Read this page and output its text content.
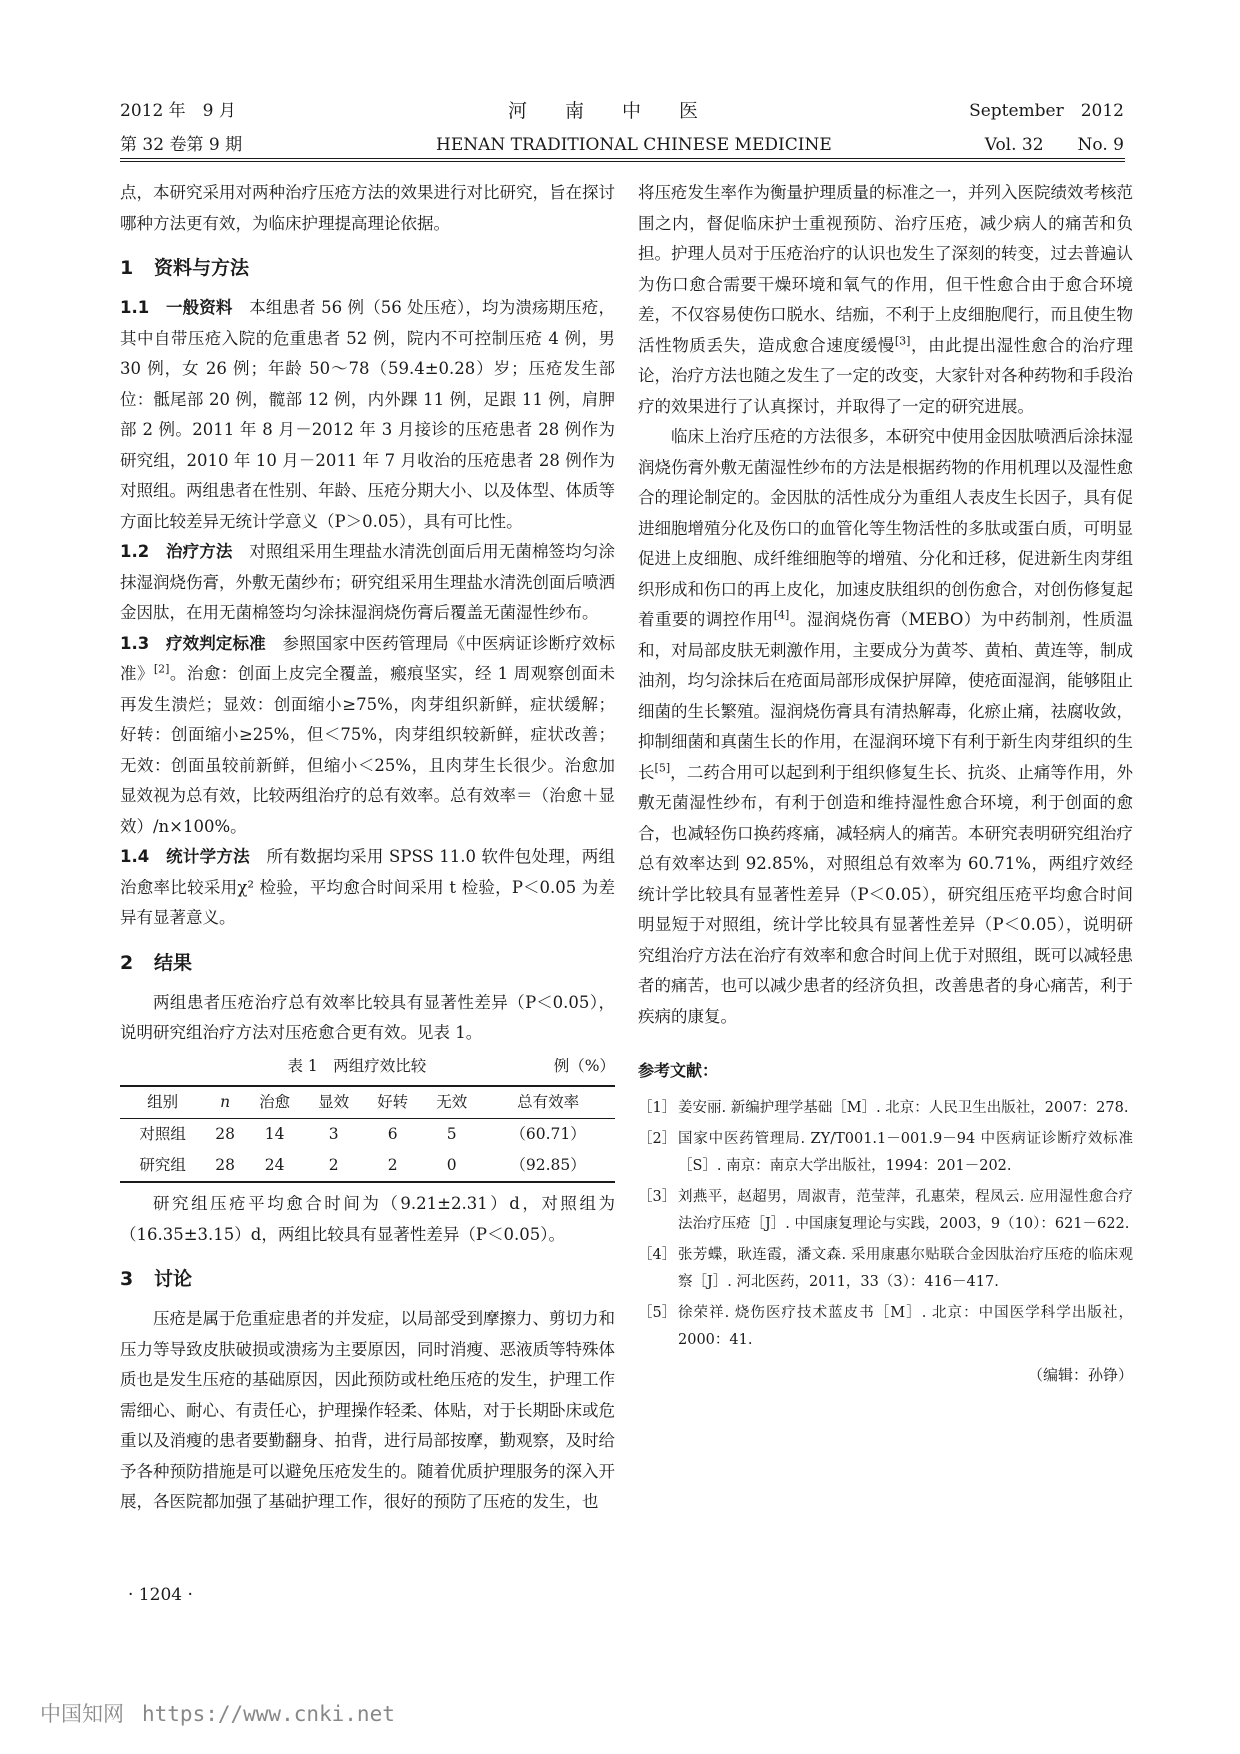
2012 年　9 月
第 32 卷第 9 期
河　　南　　中　　医
HENAN TRADITIONAL CHINESE MEDICINE
September　2012
Vol. 32　　No. 9

点，本研究采用对两种治疗压疮方法的效果进行对比研究，旨在探讨哪种方法更有效，为临床护理提高理论依据。

1 资料与方法

1.1　一般资料　 本组患者 56 例（56 处压疮），均为溃疡期压疮，其中自带压疮入院的危重患者 52 例，院内不可控制压疮 4 例，男 30 例，女 26 例；年龄 50～78（59.4±0.28）岁；压疮发生部位：骶尾部 20 例，髋部 12 例，内外踝 11 例，足跟 11 例，肩胛部 2 例。2011 年 8 月－2012 年 3 月接诊的压疮患者 28 例作为研究组，2010 年 10 月－2011 年 7 月收治的压疮患者 28 例作为对照组。两组患者在性别、年龄、压疮分期大小、以及体型、体质等方面比较差异无统计学意义（P＞0.05），具有可比性。

1.2　治疗方法　 对照组采用生理盐水清洗创面后用无菌棉签均匀涂抹湿润烧伤膏，外敷无菌纱布；研究组采用生理盐水清洗创面后喷洒金因肽，在用无菌棉签均匀涂抹湿润烧伤膏后覆盖无菌湿性纱布。

1.3　疗效判定标准　 参照国家中医药管理局《中医病证诊断疗效标准》[2]。治愈：创面上皮完全覆盖，瘢痕坚实，经 1 周观察创面未再发生溃烂；显效：创面缩小≥75%，肉芽组织新鲜，症状缓解；好转：创面缩小≥25%，但＜75%，肉芽组织较新鲜，症状改善；无效：创面虽较前新鲜，但缩小＜25%，且肉芽生长很少。治愈加显效视为总有效，比较两组治疗的总有效率。总有效率＝（治愈＋显效）/n×100%。

1.4　统计学方法　 所有数据均采用 SPSS 11.0 软件包处理，两组治愈率比较采用χ² 检验，平均愈合时间采用 t 检验，P＜0.05 为差异有显著意义。

2 结果

两组患者压疮治疗总有效率比较具有显著性差异（P＜0.05），说明研究组治疗方法对压疮愈合更有效。见表 1。

表 1　两组疗效比较	例（%）
组别	n	治愈	显效	好转	无效	总有效率
对照组	28	14	3	6	5	（60.71）
研究组	28	24	2	2	0	（92.85）

研究组压疮平均愈合时间为（9.21±2.31）d，对照组为（16.35±3.15）d，两组比较具有显著性差异（P＜0.05）。

3 讨论

压疮是属于危重症患者的并发症，以局部受到摩擦力、剪切力和压力等导致皮肤破损或溃疡为主要原因，同时消瘦、恶液质等特殊体质也是发生压疮的基础原因，因此预防或杜绝压疮的发生，护理工作需细心、耐心、有责任心，护理操作轻柔、体贴，对于长期卧床或危重以及消瘦的患者要勤翻身、拍背，进行局部按摩，勤观察，及时给予各种预防措施是可以避免压疮发生的。随着优质护理服务的深入开展，各医院都加强了基础护理工作，很好的预防了压疮的发生，也

将压疮发生率作为衡量护理质量的标准之一，并列入医院绩效考核范围之内，督促临床护士重视预防、治疗压疮，减少病人的痛苦和负担。护理人员对于压疮治疗的认识也发生了深刻的转变，过去普遍认为伤口愈合需要干燥环境和氧气的作用，但干性愈合由于愈合环境差，不仅容易使伤口脱水、结痂，不利于上皮细胞爬行，而且使生物活性物质丢失，造成愈合速度缓慢[3]，由此提出湿性愈合的治疗理论，治疗方法也随之发生了一定的改变，大家针对各种药物和手段治疗的效果进行了认真探讨，并取得了一定的研究进展。

临床上治疗压疮的方法很多，本研究中使用金因肽喷洒后涂抹湿润烧伤膏外敷无菌湿性纱布的方法是根据药物的作用机理以及湿性愈合的理论制定的。金因肽的活性成分为重组人表皮生长因子，具有促进细胞增殖分化及伤口的血管化等生物活性的多肽或蛋白质，可明显促进上皮细胞、成纤维细胞等的增殖、分化和迁移，促进新生肉芽组织形成和伤口的再上皮化，加速皮肤组织的创伤愈合，对创伤修复起着重要的调控作用[4]。湿润烧伤膏（MEBO）为中药制剂，性质温和，对局部皮肤无刺激作用，主要成分为黄芩、黄柏、黄连等，制成油剂，均匀涂抹后在疮面局部形成保护屏障，使疮面湿润，能够阻止细菌的生长繁殖。湿润烧伤膏具有清热解毒，化瘀止痛，祛腐收敛，抑制细菌和真菌生长的作用，在湿润环境下有利于新生肉芽组织的生长[5]，二药合用可以起到利于组织修复生长、抗炎、止痛等作用，外敷无菌湿性纱布，有利于创造和维持湿性愈合环境，利于创面的愈合，也减轻伤口换药疼痛，减轻病人的痛苦。本研究表明研究组治疗总有效率达到 92.85%，对照组总有效率为 60.71%，两组疗效经统计学比较具有显著性差异（P＜0.05），研究组压疮平均愈合时间明显短于对照组，统计学比较具有显著性差异（P＜0.05），说明研究组治疗方法在治疗有效率和愈合时间上优于对照组，既可以减轻患者的痛苦，也可以减少患者的经济负担，改善患者的身心痛苦，利于疾病的康复。

参考文献：
［1］ 姜安丽. 新编护理学基础［M］. 北京：人民卫生出版社，2007：278.
［2］ 国家中医药管理局. ZY/T001.1－001.9－94 中医病证诊断疗效标准［S］. 南京：南京大学出版社，1994：201－202.
［3］ 刘燕平，赵超男，周淑青，范莹萍，孔惠荣，程凤云. 应用湿性愈合疗法治疗压疮［J］. 中国康复理论与实践，2003，9（10）：621－622.
［4］ 张芳蝶，耿连霞，潘文森. 采用康惠尔贴联合金因肽治疗压疮的临床观察［J］. 河北医药，2011，33（3）：416－417.
［5］ 徐荣祥. 烧伤医疗技术蓝皮书［M］. 北京：中国医学科学出版社，2000：41.
（编辑：孙铮）
· 1204 ·
中国知网 https://www.cnki.net
